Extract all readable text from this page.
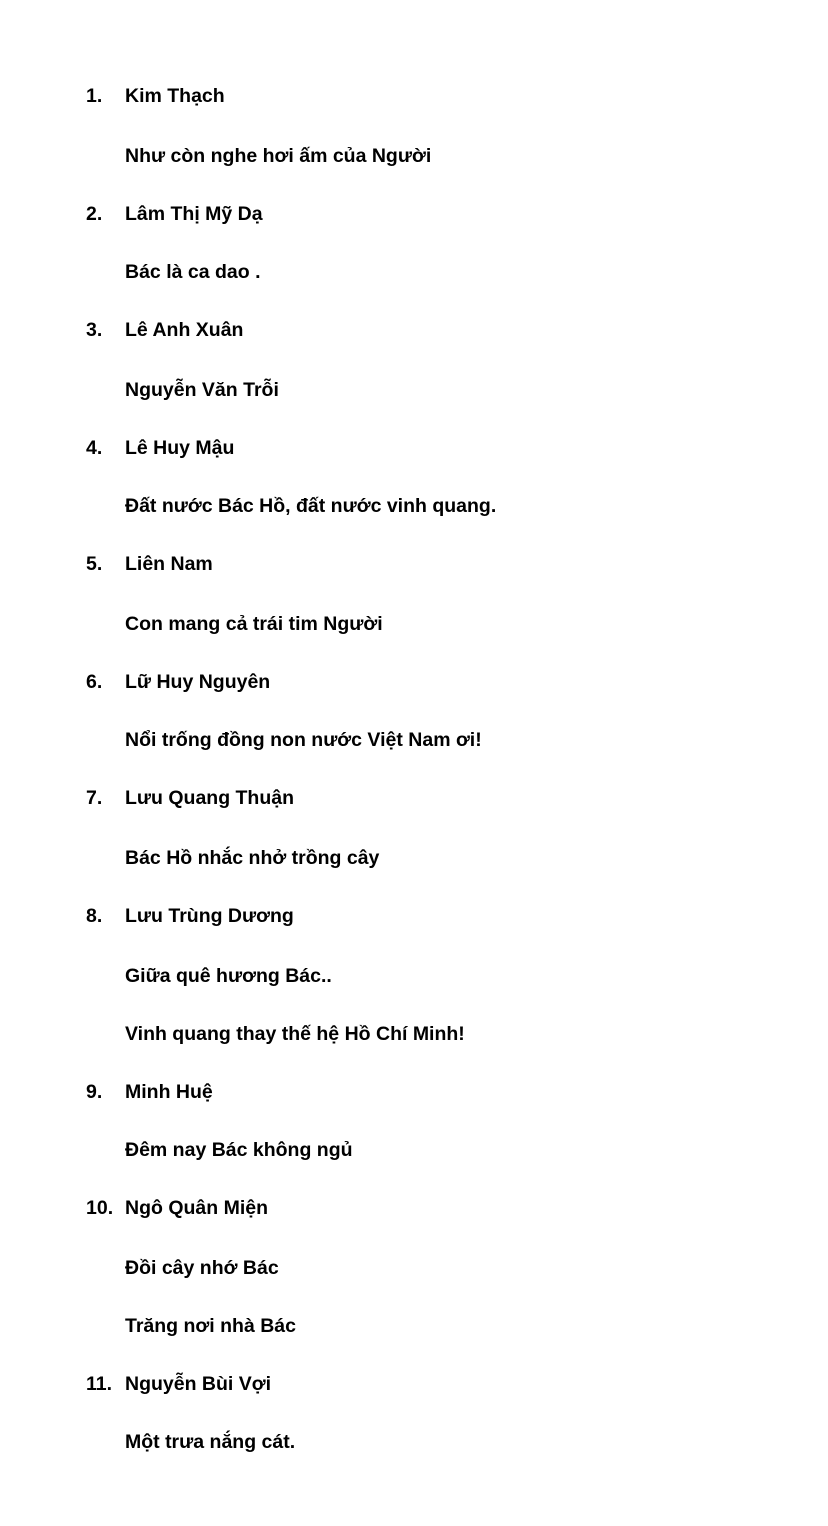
1. Kim Thạch
Như còn nghe hơi ấm của Người
2. Lâm Thị Mỹ Dạ
Bác là ca dao .
3. Lê Anh Xuân
Nguyễn Văn Trỗi
4. Lê Huy Mậu
Đất nước Bác Hồ, đất nước vinh quang.
5. Liên Nam
Con mang cả trái tim Người
6. Lữ Huy Nguyên
Nổi trống đồng non nước Việt Nam ơi!
7. Lưu Quang Thuận
Bác Hồ nhắc nhở trồng cây
8. Lưu Trùng Dương
Giữa quê hương Bác..
Vinh quang thay thế hệ Hồ Chí Minh!
9. Minh Huệ
Đêm nay Bác không ngủ
10. Ngô Quân Miện
Đồi cây nhớ Bác
Trăng nơi nhà Bác
11. Nguyễn Bùi Vợi
Một trưa nắng cát.
